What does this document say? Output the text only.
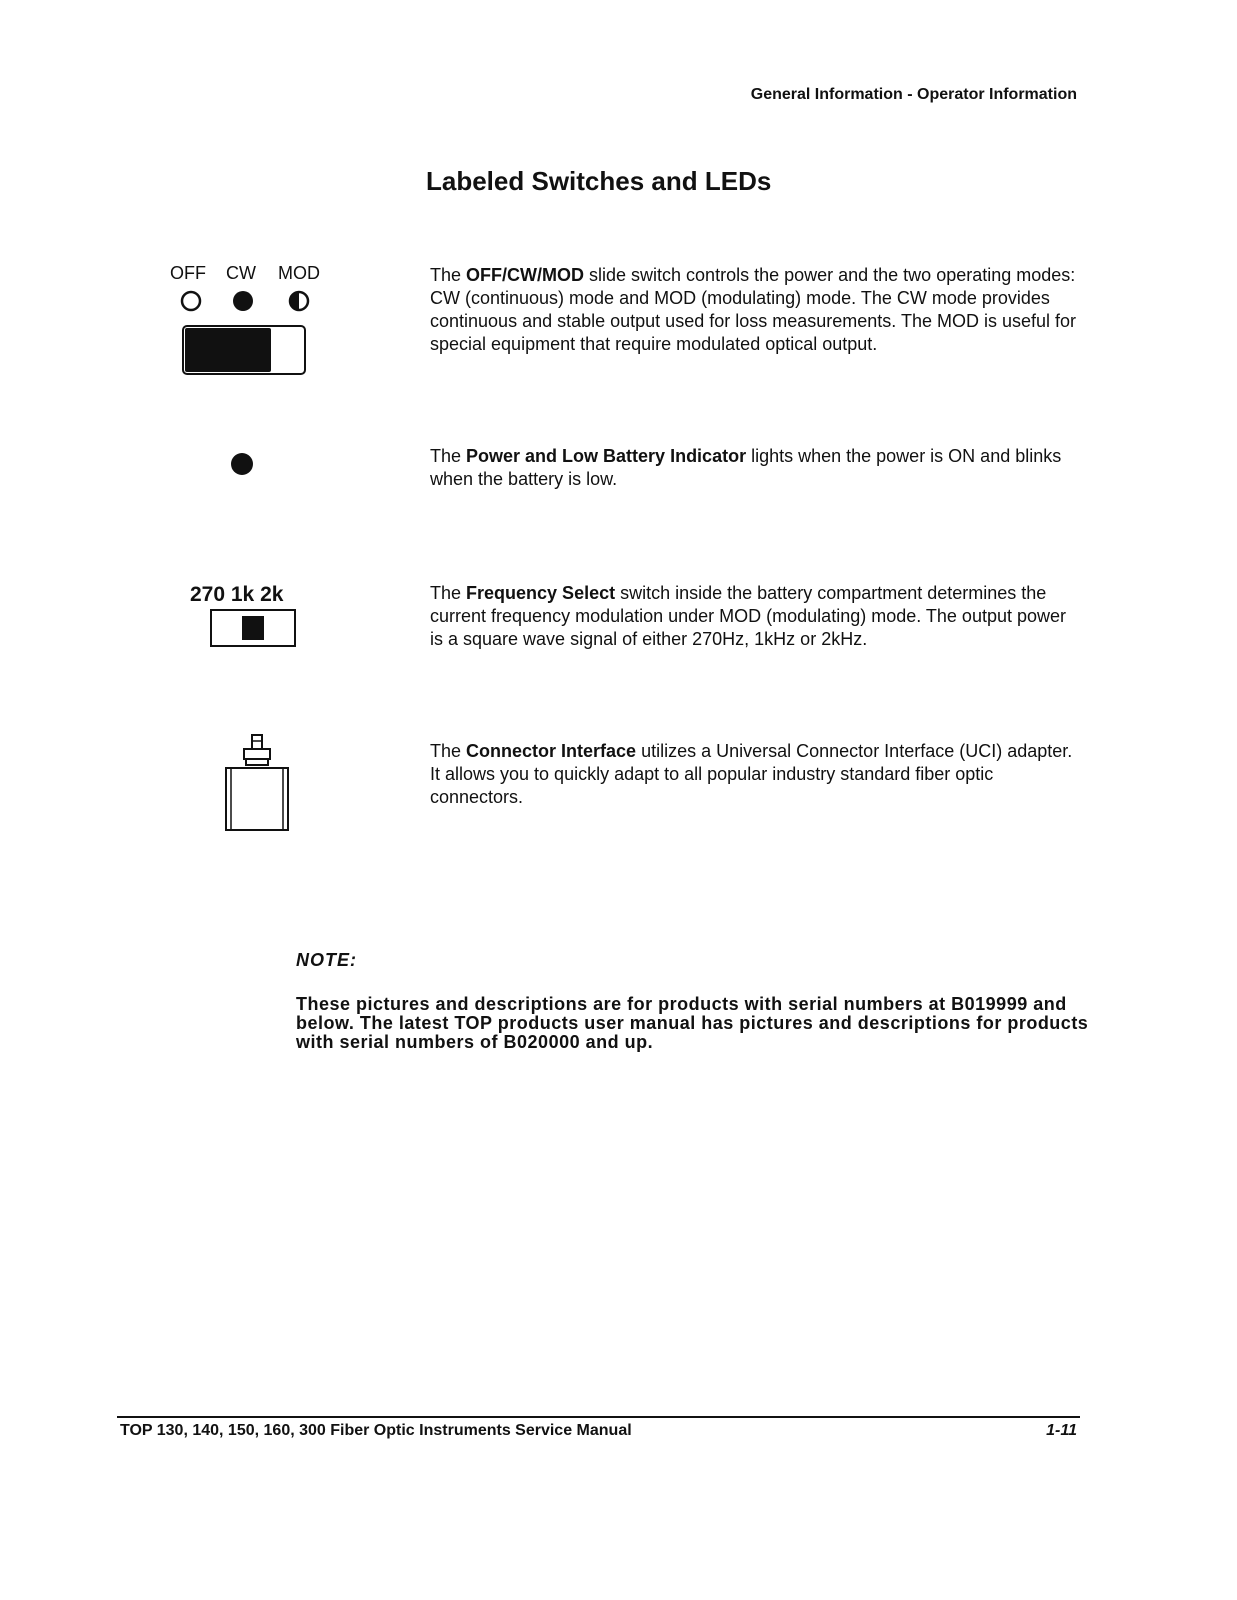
General Information - Operator Information
Labeled Switches and LEDs
OFF CW MOD	The OFF/CW/MOD slide switch controls the power and the two operating modes: CW (continuous) mode and MOD (modulating) mode. The CW mode provides continuous and stable output used for loss measurements. The MOD is useful for special equipment that require modulated optical output.
The Power and Low Battery Indicator lights when the power is ON and blinks when the battery is low.
270 1k 2k	The Frequency Select switch inside the battery compartment determines the current frequency modulation under MOD (modulating) mode. The output power is a square wave signal of either 270Hz, 1kHz or 2kHz.
The Connector Interface utilizes a Universal Connector Interface (UCI) adapter. It allows you to quickly adapt to all popular industry standard fiber optic connectors.
NOTE:
These pictures and descriptions are for products with serial numbers at B019999 and below. The latest TOP products user manual has pictures and descriptions for products with serial numbers of B020000 and up.
TOP 130, 140, 150, 160, 300 Fiber Optic Instruments Service Manual	1-11
